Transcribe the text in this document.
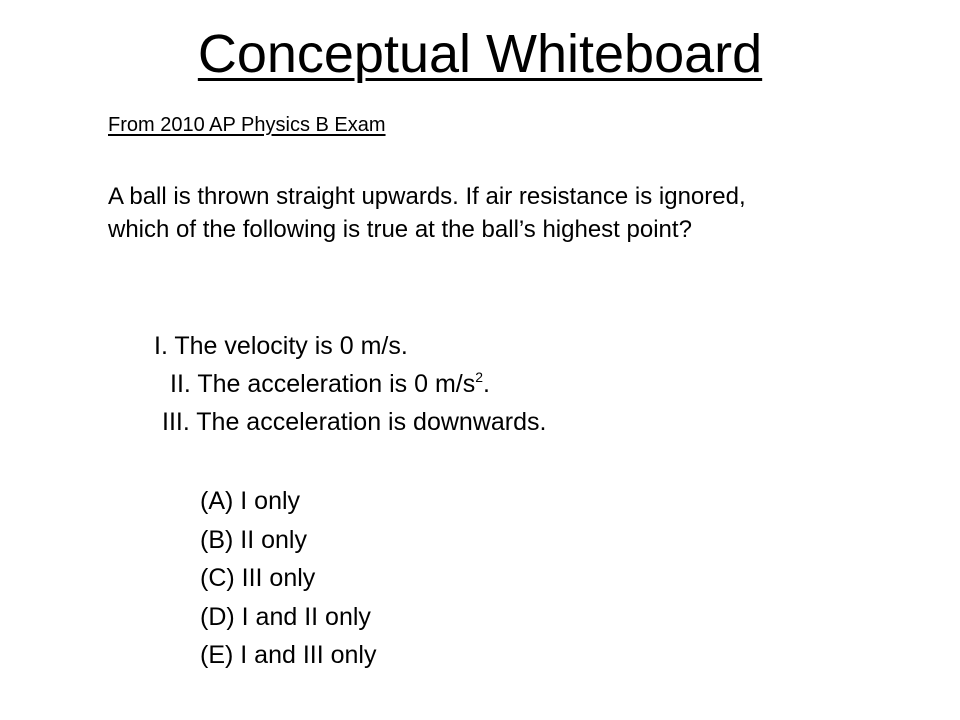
Conceptual Whiteboard
From 2010 AP Physics B Exam

A ball is thrown straight upwards. If air resistance is ignored,

which of the following is true at the ball’s highest point?

I. The velocity is 0 m/s.
II. The acceleration is 0 $m/s^2$.
III. The acceleration is downwards.
(A) I only
(B) II only
(C) III only
(D) I and II only
(E) I and III only
